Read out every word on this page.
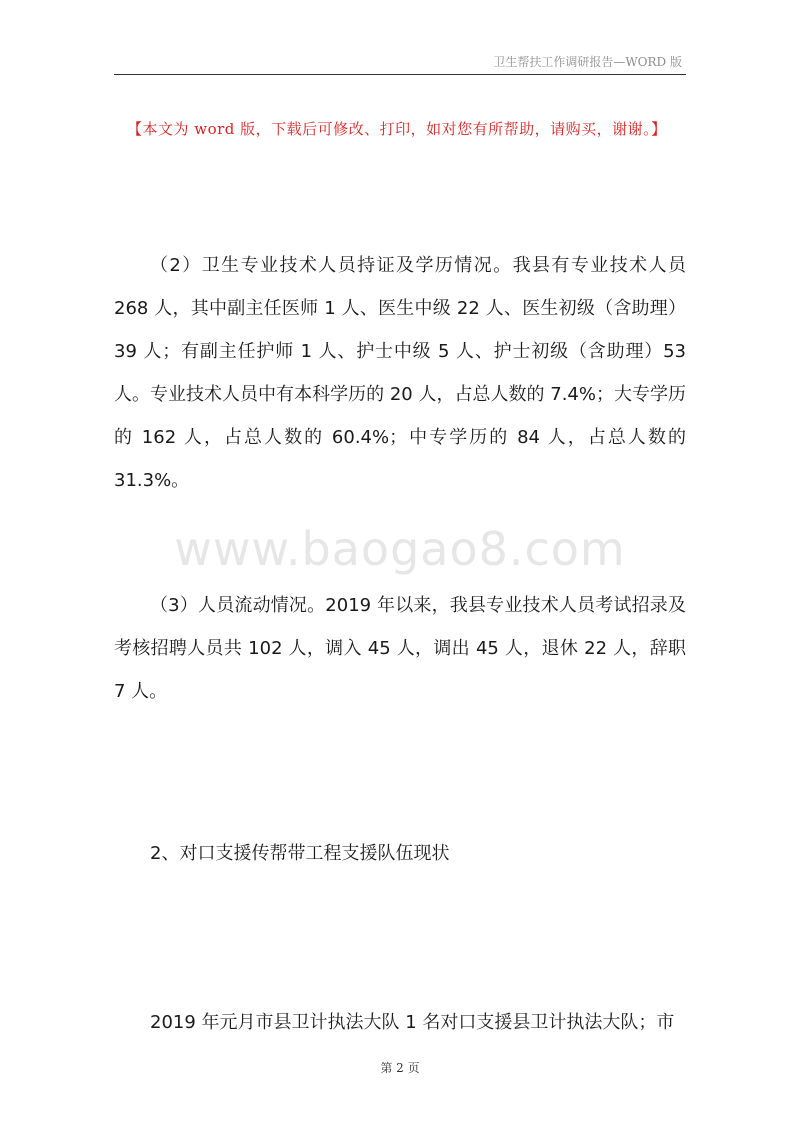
卫生帮扶工作调研报告—WORD 版
【本文为 word 版，下载后可修改、打印，如对您有所帮助，请购买，谢谢。】

（2）卫生专业技术人员持证及学历情况。我县有专业技术人员 268 人，其中副主任医师 1 人、医生中级 22 人、医生初级（含助理）39 人；有副主任护师 1 人、护士中级 5 人、护士初级（含助理）53 人。专业技术人员中有本科学历的 20 人，占总人数的 7.4%；大专学历的 162 人，占总人数的 60.4%；中专学历的 84 人，占总人数的 31.3%。

www.baogao8.com

（3）人员流动情况。2019 年以来，我县专业技术人员考试招录及考核招聘人员共 102 人，调入 45 人，调出 45 人，退休 22 人，辞职 7 人。

2、对口支援传帮带工程支援队伍现状

2019 年元月市县卫计执法大队 1 名对口支援县卫计执法大队；市

第 2 页
